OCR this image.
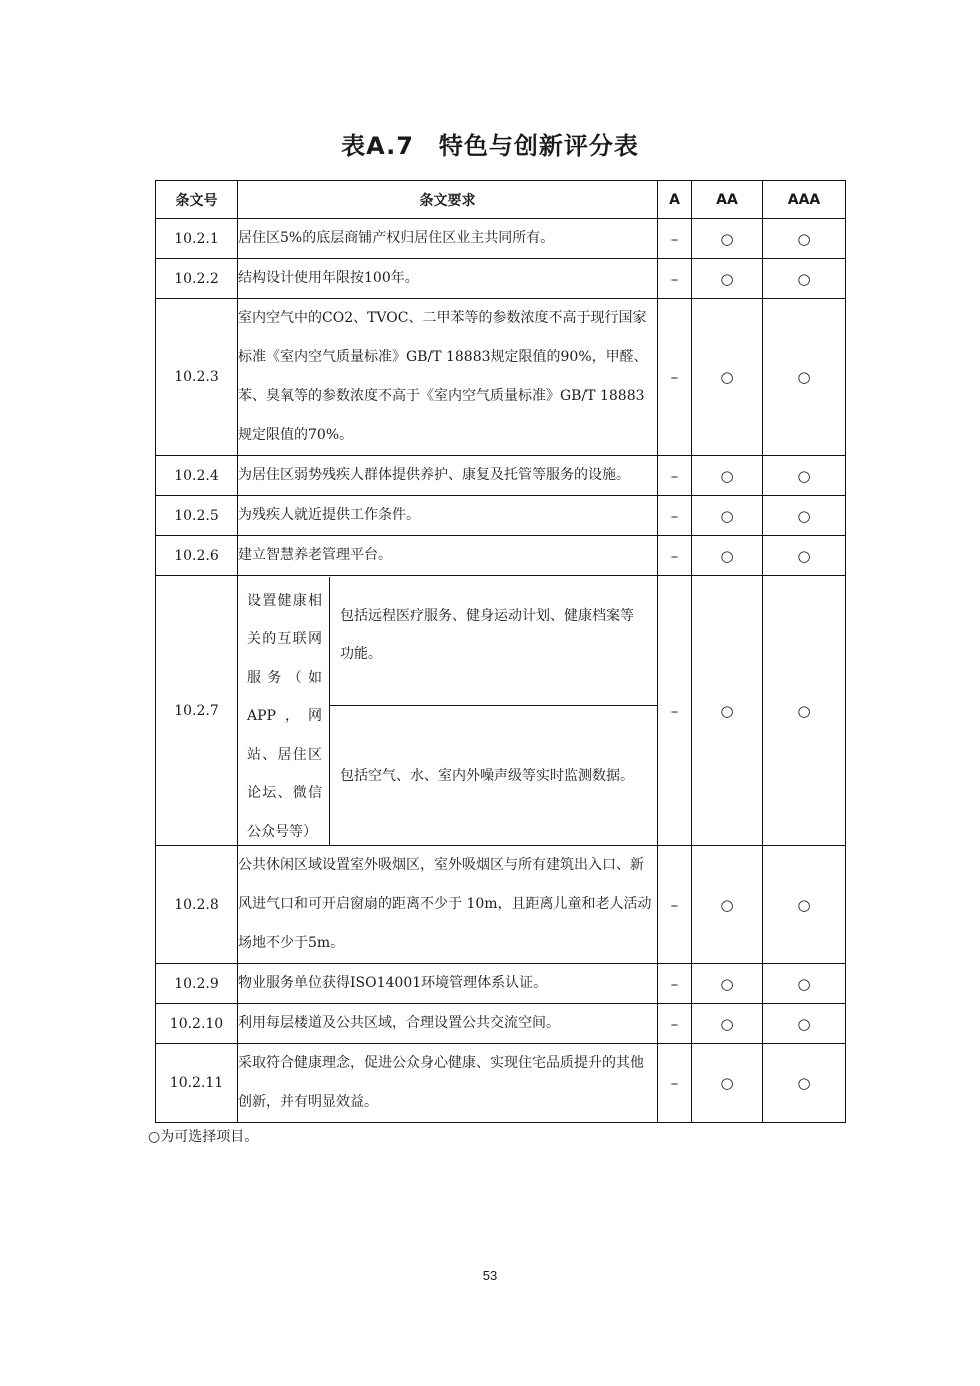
表A.7　特色与创新评分表
条文号	条文要求	A	AA	AAA
10.2.1	居住区5%的底层商铺产权归居住区业主共同所有。	–	○	○
10.2.2	结构设计使用年限按100年。	–	○	○
10.2.3	室内空气中的CO2、TVOC、二甲苯等的参数浓度不高于现行国家标准《室内空气质量标准》GB/T 18883规定限值的90%，甲醛、苯、臭氧等的参数浓度不高于《室内空气质量标准》GB/T 18883规定限值的70%。	–	○	○
10.2.4	为居住区弱势残疾人群体提供养护、康复及托管等服务的设施。	–	○	○
10.2.5	为残疾人就近提供工作条件。	–	○	○
10.2.6	建立智慧养老管理平台。	–	○	○
10.2.7	设置健康相关的互联网服务（如APP，网站、居住区论坛、微信公众号等）
包括远程医疗服务、健身运动计划、健康档案等功能。
包括空气、水、室内外噪声级等实时监测数据。	–	○	○
10.2.8	公共休闲区域设置室外吸烟区，室外吸烟区与所有建筑出入口、新风进气口和可开启窗扇的距离不少于 10m，且距离儿童和老人活动场地不少于5m。	–	○	○
10.2.9	物业服务单位获得ISO14001环境管理体系认证。	–	○	○
10.2.10	利用每层楼道及公共区域，合理设置公共交流空间。	–	○	○
10.2.11	采取符合健康理念，促进公众身心健康、实现住宅品质提升的其他创新，并有明显效益。	–	○	○
○为可选择项目。
53
